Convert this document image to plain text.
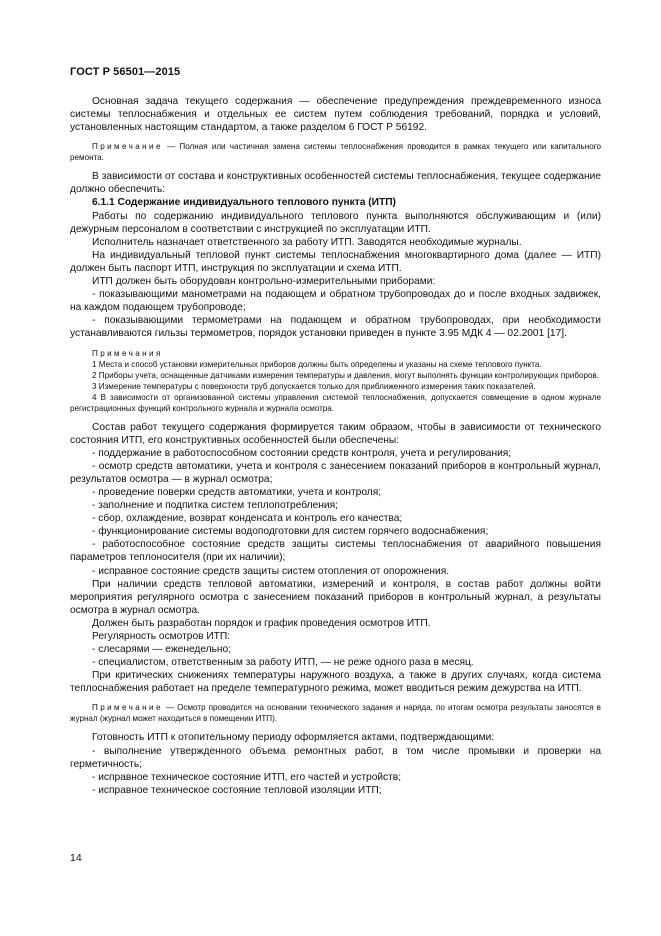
ГОСТ Р 56501—2015

Основная задача текущего содержания — обеспечение предупреждения преждевременного износа системы теплоснабжения и отдельных ее систем путем соблюдения требований, порядка и условий, установленных настоящим стандартом, а также разделом 6 ГОСТ Р 56192.

Примечание — Полная или частичная замена системы теплоснабжения проводится в рамках текущего или капитального ремонта.

В зависимости от состава и конструктивных особенностей системы теплоснабжения, текущее содержание должно обеспечить:

6.1.1 Содержание индивидуального теплового пункта (ИТП)

Работы по содержанию индивидуального теплового пункта выполняются обслуживающим и (или) дежурным персоналом в соответствии с инструкцией по эксплуатации ИТП.

Исполнитель назначает ответственного за работу ИТП. Заводятся необходимые журналы.

На индивидуальный тепловой пункт системы теплоснабжения многоквартирного дома (далее — ИТП) должен быть паспорт ИТП, инструкция по эксплуатации и схема ИТП.

ИТП должен быть оборудован контрольно-измерительными приборами:

- показывающими манометрами на подающем и обратном трубопроводах до и после входных задвижек, на каждом подающем трубопроводе;

- показывающими термометрами на подающем и обратном трубопроводах, при необходимости устанавливаются гильзы термометров, порядок установки приведен в пункте 3.95 МДК 4 — 02.2001 [17].

Примечания

1 Места и способ установки измерительных приборов должны быть определены и указаны на схеме теплового пункта.

2 Приборы учета, оснащенные датчиками измерения температуры и давления, могут выполнять функции контролирующих приборов.

3 Измерение температуры с поверхности труб допускается только для приближенного измерения таких показателей.

4 В зависимости от организованной системы управления системой теплоснабжения, допускается совмещение в одном журнале регистрационных функций контрольного журнала и журнала осмотра.

Состав работ текущего содержания формируется таким образом, чтобы в зависимости от технического состояния ИТП, его конструктивных особенностей были обеспечены:

- поддержание в работоспособном состоянии средств контроля, учета и регулирования;

- осмотр средств автоматики, учета и контроля с занесением показаний приборов в контрольный журнал, результатов осмотра — в журнал осмотра;

- проведение поверки средств автоматики, учета и контроля;

- заполнение и подпитка систем теплопотребления;

- сбор, охлаждение, возврат конденсата и контроль его качества;

- функционирование системы водоподготовки для систем горячего водоснабжения;

- работоспособное состояние средств защиты системы теплоснабжения от аварийного повышения параметров теплоносителя (при их наличии);

- исправное состояние средств защиты систем отопления от опорожнения.

При наличии средств тепловой автоматики, измерений и контроля, в состав работ должны войти мероприятия регулярного осмотра с занесением показаний приборов в контрольный журнал, а результаты осмотра в журнал осмотра.

Должен быть разработан порядок и график проведения осмотров ИТП.

Регулярность осмотров ИТП:

- слесарями — еженедельно;

- специалистом, ответственным за работу ИТП, — не реже одного раза в месяц.

При критических снижениях температуры наружного воздуха, а также в других случаях, когда система теплоснабжения работает на пределе температурного режима, может вводиться режим дежурства на ИТП.

Примечание — Осмотр проводится на основании технического задания и наряда, по итогам осмотра результаты заносятся в журнал (журнал может находиться в помещении ИТП).

Готовность ИТП к отопительному периоду оформляется актами, подтверждающими:

- выполнение утвержденного объема ремонтных работ, в том числе промывки и проверки на герметичность;

- исправное техническое состояние ИТП, его частей и устройств;

- исправное техническое состояние тепловой изоляции ИТП;

14
